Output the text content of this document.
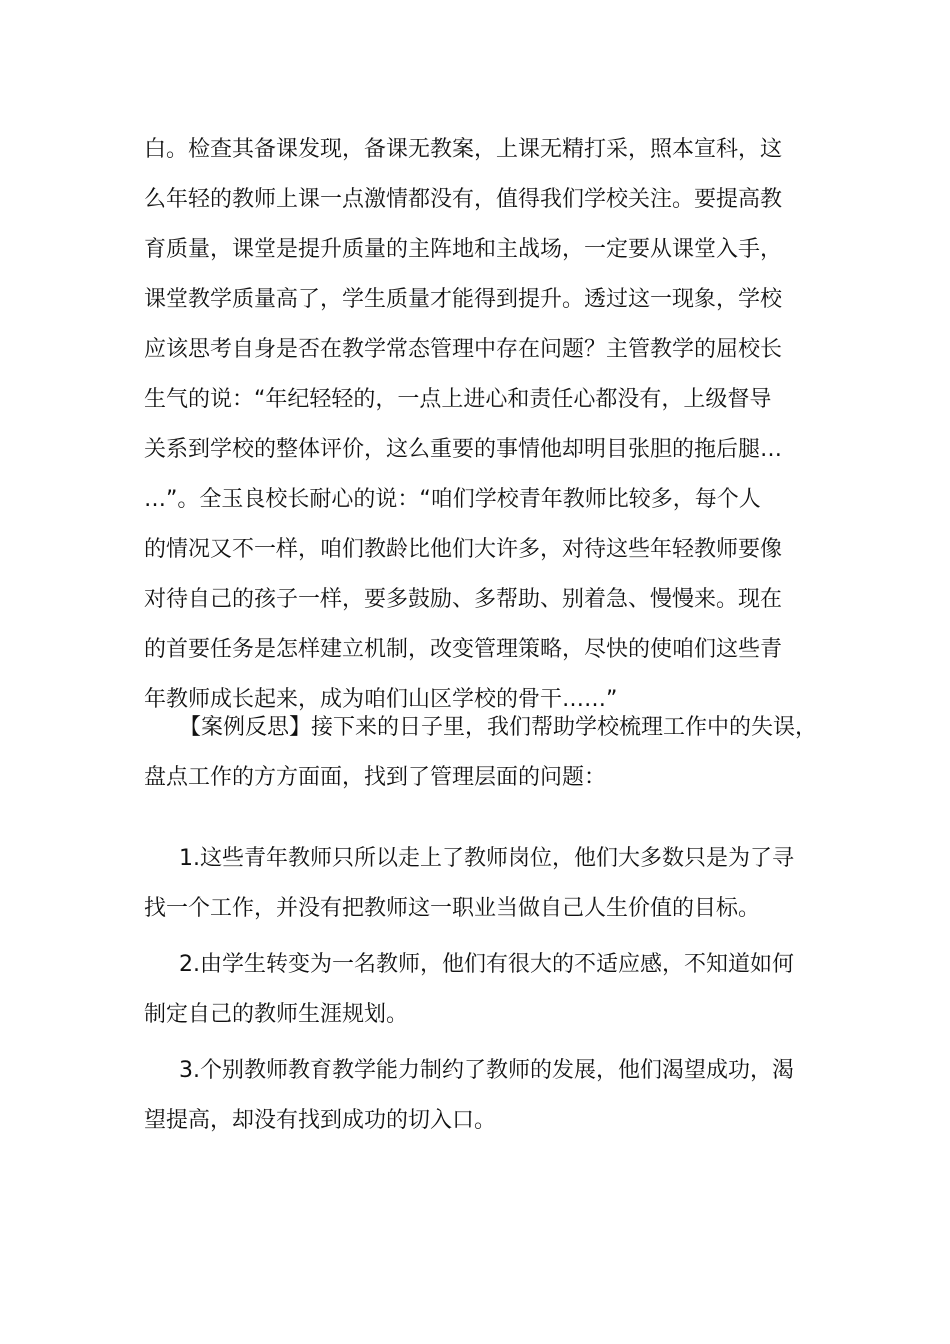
白。检查其备课发现，备课无教案，上课无精打采，照本宣科，这
么年轻的教师上课一点激情都没有，值得我们学校关注。要提高教
育质量，课堂是提升质量的主阵地和主战场，一定要从课堂入手，
课堂教学质量高了，学生质量才能得到提升。透过这一现象，学校
应该思考自身是否在教学常态管理中存在问题？主管教学的屈校长
生气的说：“年纪轻轻的，一点上进心和责任心都没有，上级督导
关系到学校的整体评价，这么重要的事情他却明目张胆的拖后腿…
…”。全玉良校长耐心的说：“咱们学校青年教师比较多，每个人
的情况又不一样，咱们教龄比他们大许多，对待这些年轻教师要像
对待自己的孩子一样，要多鼓励、多帮助、别着急、慢慢来。现在
的首要任务是怎样建立机制，改变管理策略，尽快的使咱们这些青
年教师成长起来，成为咱们山区学校的骨干……”
【案例反思】接下来的日子里，我们帮助学校梳理工作中的失误，
盘点工作的方方面面，找到了管理层面的问题：
1.这些青年教师只所以走上了教师岗位，他们大多数只是为了寻
找一个工作，并没有把教师这一职业当做自己人生价值的目标。
2.由学生转变为一名教师，他们有很大的不适应感，不知道如何
制定自己的教师生涯规划。
3.个别教师教育教学能力制约了教师的发展，他们渴望成功，渴
望提高，却没有找到成功的切入口。
